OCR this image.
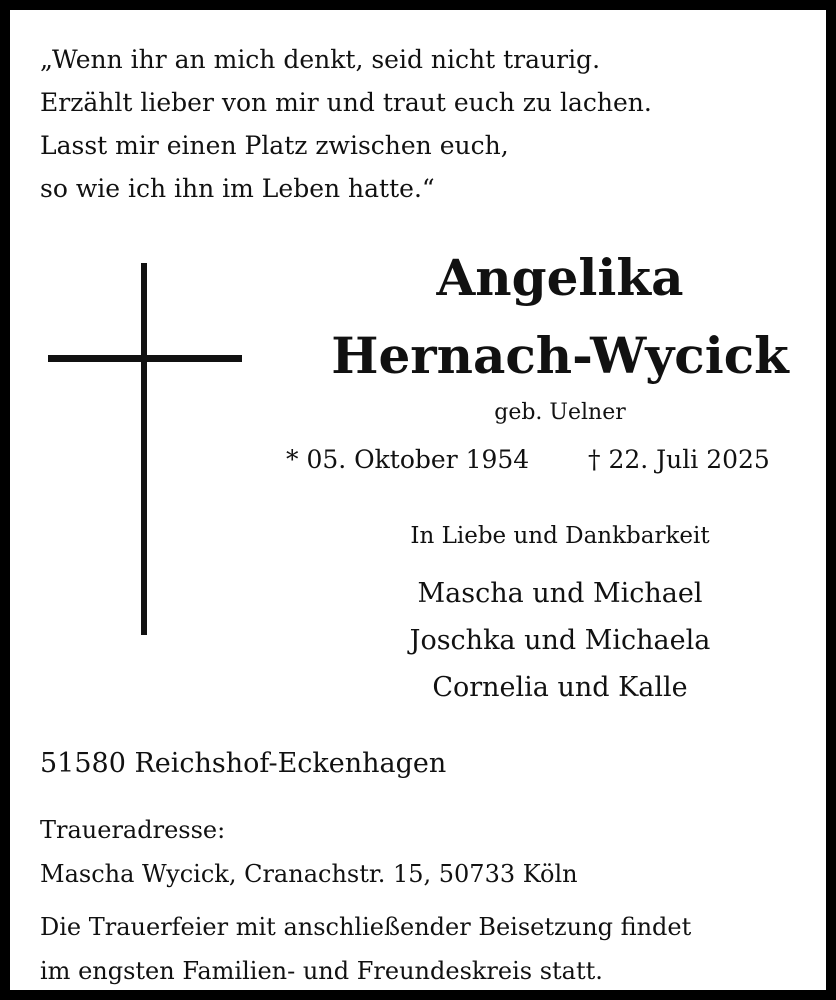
„Wenn ihr an mich denkt, seid nicht traurig.
Erzählt lieber von mir und traut euch zu lachen.
Lasst mir einen Platz zwischen euch,
so wie ich ihn im Leben hatte.“
Angelika
Hernach-Wycick
geb. Uelner
* 05. Oktober 1954 † 22. Juli 2025
In Liebe und Dankbarkeit
Mascha und Michael
Joschka und Michaela
Cornelia und Kalle
51580 Reichshof-Eckenhagen
Traueradresse:
Mascha Wycick, Cranachstr. 15, 50733 Köln
Die Trauerfeier mit anschließender Beisetzung findet
im engsten Familien- und Freundeskreis statt.
